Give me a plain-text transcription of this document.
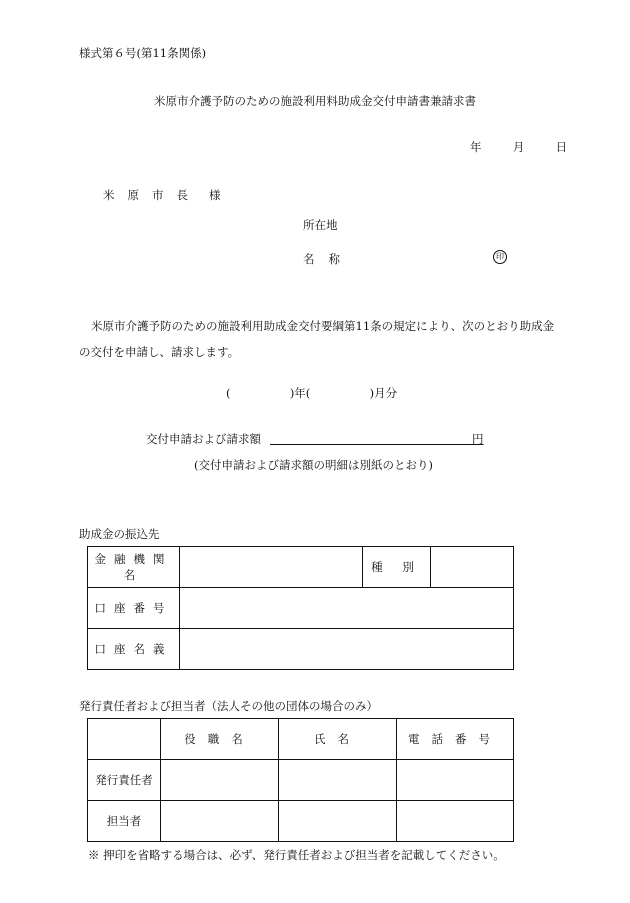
様式第６号(第11条関係)
米原市介護予防のための施設利用料助成金交付申請書兼請求書
年	月	日
米原市長 様
所在地
名称	印
米原市介護予防のための施設利用助成金交付要綱第11条の規定により、次のとおり助成金の交付を申請し、請求します。
(	)年(	)月分
交付申請および請求額	円
(交付申請および請求額の明細は別紙のとおり)
助成金の振込先
金融機関名		種 別	
口座番号			
口座名義			
発行責任者および担当者（法人その他の団体の場合のみ）
	役職名	氏名	電話番号
発行責任者			
担当者			
※ 押印を省略する場合は、必ず、発行責任者および担当者を記載してください。
